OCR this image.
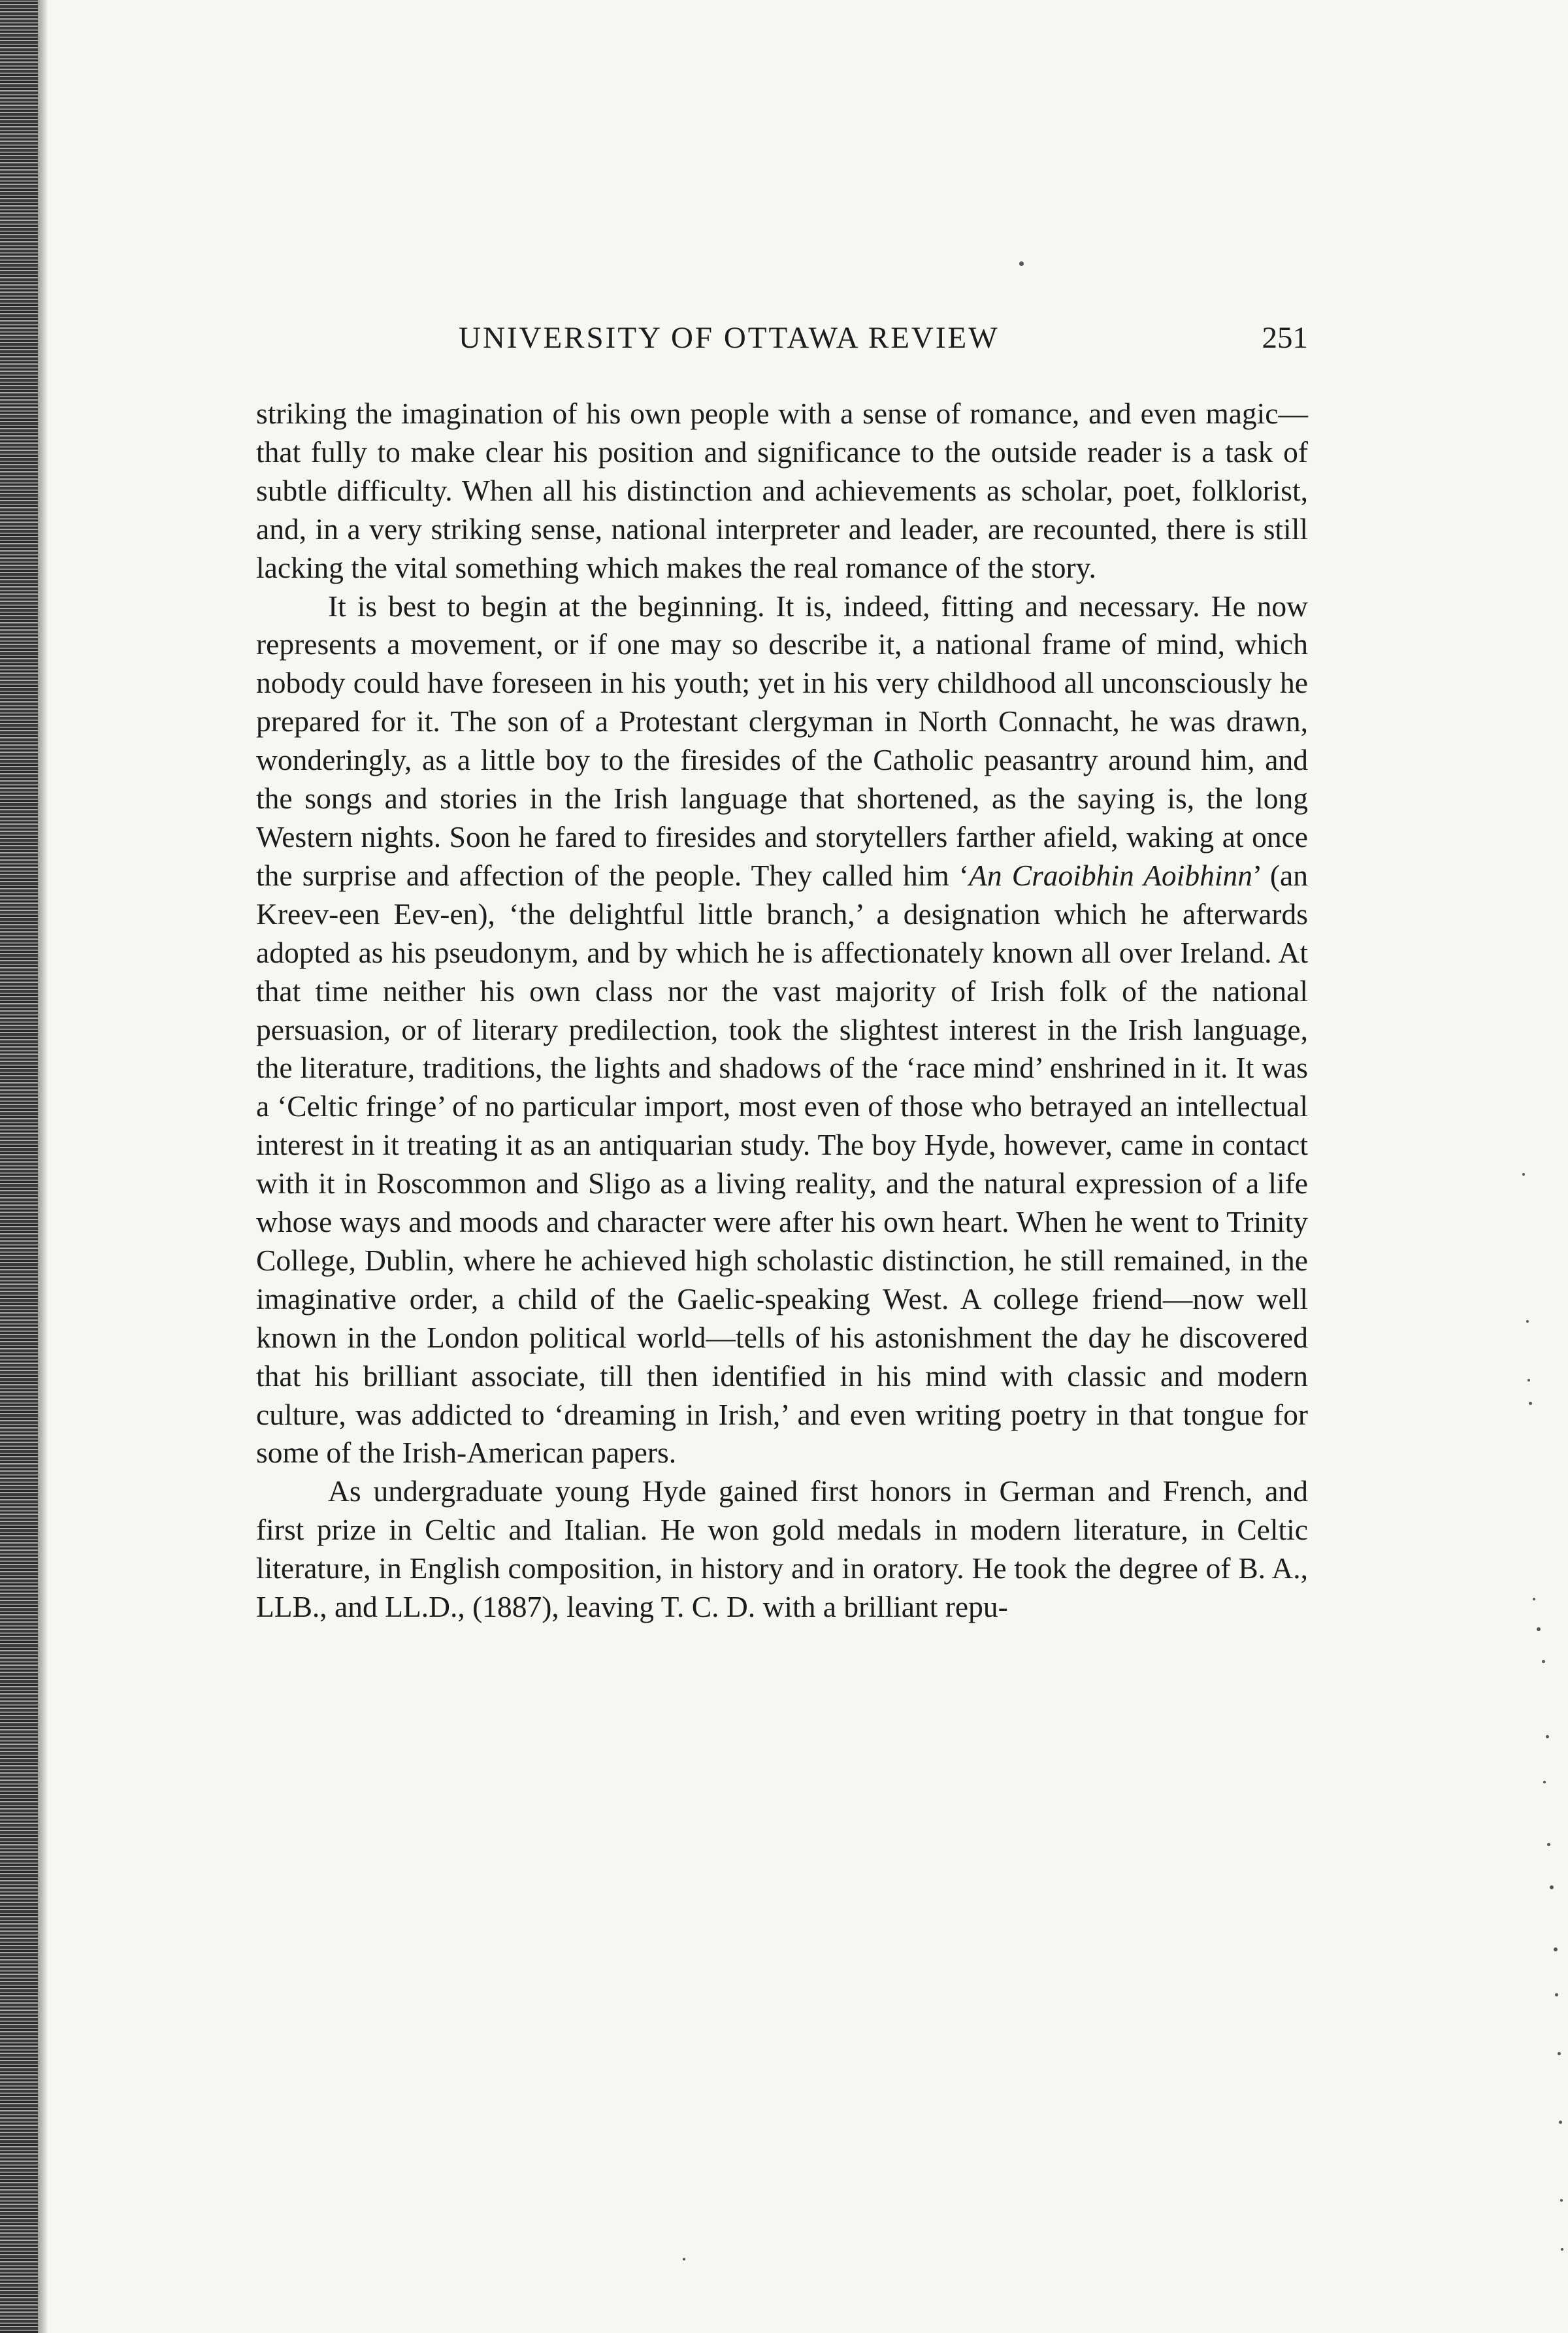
UNIVERSITY OF OTTAWA REVIEW	251

striking the imagination of his own people with a sense of romance, and even magic—that fully to make clear his position and significance to the outside reader is a task of subtle difficulty. When all his distinction and achievements as scholar, poet, folklorist, and, in a very striking sense, national interpreter and leader, are recounted, there is still lacking the vital something which makes the real romance of the story.

It is best to begin at the beginning. It is, indeed, fitting and necessary. He now represents a movement, or if one may so describe it, a national frame of mind, which nobody could have foreseen in his youth; yet in his very childhood all unconsciously he prepared for it. The son of a Protestant clergyman in North Connacht, he was drawn, wonderingly, as a little boy to the firesides of the Catholic peasantry around him, and the songs and stories in the Irish language that shortened, as the saying is, the long Western nights. Soon he fared to firesides and storytellers farther afield, waking at once the surprise and affection of the people. They called him ‘An Craoibhin Aoibhinn’ (an Kreev-een Eev-en), ‘the delightful little branch,’ a designation which he afterwards adopted as his pseudonym, and by which he is affectionately known all over Ireland. At that time neither his own class nor the vast majority of Irish folk of the national persuasion, or of literary predilection, took the slightest interest in the Irish language, the literature, traditions, the lights and shadows of the ‘race mind’ enshrined in it. It was a ‘Celtic fringe’ of no particular import, most even of those who betrayed an intellectual interest in it treating it as an antiquarian study. The boy Hyde, however, came in contact with it in Roscommon and Sligo as a living reality, and the natural expression of a life whose ways and moods and character were after his own heart. When he went to Trinity College, Dublin, where he achieved high scholastic distinction, he still remained, in the imaginative order, a child of the Gaelic-speaking West. A college friend—now well known in the London political world—tells of his astonishment the day he discovered that his brilliant associate, till then identified in his mind with classic and modern culture, was addicted to ‘dreaming in Irish,’ and even writing poetry in that tongue for some of the Irish-American papers.

As undergraduate young Hyde gained first honors in German and French, and first prize in Celtic and Italian. He won gold medals in modern literature, in Celtic literature, in English composition, in history and in oratory. He took the degree of B. A., LLB., and LL.D., (1887), leaving T. C. D. with a brilliant repu-
